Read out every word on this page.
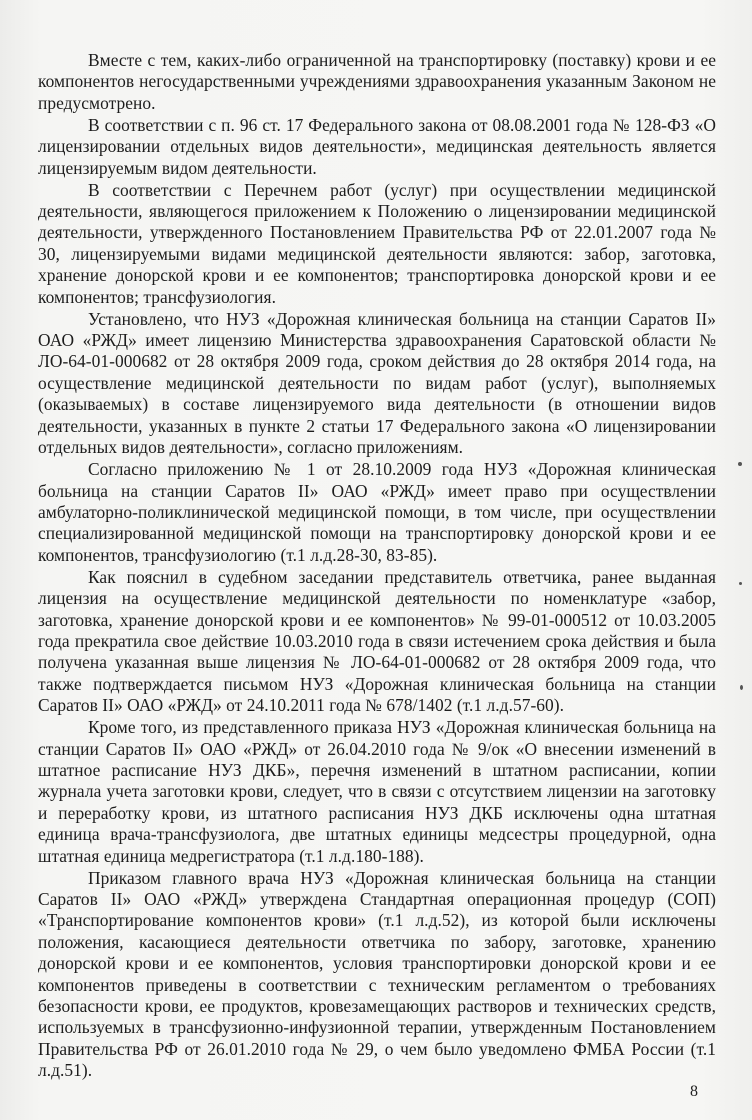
Вместе с тем, каких-либо ограниченной на транспортировку (поставку) крови и ее компонентов негосударственными учреждениями здравоохранения указанным Законом не предусмотрено.

В соответствии с п. 96 ст. 17 Федерального закона от 08.08.2001 года № 128-ФЗ «О лицензировании отдельных видов деятельности», медицинская деятельность является лицензируемым видом деятельности.

В соответствии с Перечнем работ (услуг) при осуществлении медицинской деятельности, являющегося приложением к Положению о лицензировании медицинской деятельности, утвержденного Постановлением Правительства РФ от 22.01.2007 года № 30, лицензируемыми видами медицинской деятельности являются: забор, заготовка, хранение донорской крови и ее компонентов; транспортировка донорской крови и ее компонентов; трансфузиология.

Установлено, что НУЗ «Дорожная клиническая больница на станции Саратов II» ОАО «РЖД» имеет лицензию Министерства здравоохранения Саратовской области № ЛО-64-01-000682 от 28 октября 2009 года, сроком действия до 28 октября 2014 года, на осуществление медицинской деятельности по видам работ (услуг), выполняемых (оказываемых) в составе лицензируемого вида деятельности (в отношении видов деятельности, указанных в пункте 2 статьи 17 Федерального закона «О лицензировании отдельных видов деятельности», согласно приложениям.

Согласно приложению № 1 от 28.10.2009 года НУЗ «Дорожная клиническая больница на станции Саратов II» ОАО «РЖД» имеет право при осуществлении амбулаторно-поликлинической медицинской помощи, в том числе, при осуществлении специализированной медицинской помощи на транспортировку донорской крови и ее компонентов, трансфузиологию (т.1 л.д.28-30, 83-85).

Как пояснил в судебном заседании представитель ответчика, ранее выданная лицензия на осуществление медицинской деятельности по номенклатуре «забор, заготовка, хранение донорской крови и ее компонентов» № 99-01-000512 от 10.03.2005 года прекратила свое действие 10.03.2010 года в связи истечением срока действия и была получена указанная выше лицензия № ЛО-64-01-000682 от 28 октября 2009 года, что также подтверждается письмом НУЗ «Дорожная клиническая больница на станции Саратов II» ОАО «РЖД» от 24.10.2011 года № 678/1402 (т.1 л.д.57-60).

Кроме того, из представленного приказа НУЗ «Дорожная клиническая больница на станции Саратов II» ОАО «РЖД» от 26.04.2010 года № 9/ок «О внесении изменений в штатное расписание НУЗ ДКБ», перечня изменений в штатном расписании, копии журнала учета заготовки крови, следует, что в связи с отсутствием лицензии на заготовку и переработку крови, из штатного расписания НУЗ ДКБ исключены одна штатная единица врача-трансфузиолога, две штатных единицы медсестры процедурной, одна штатная единица медрегистратора (т.1 л.д.180-188).

Приказом главного врача НУЗ «Дорожная клиническая больница на станции Саратов II» ОАО «РЖД» утверждена Стандартная операционная процедур (СОП) «Транспортирование компонентов крови» (т.1 л.д.52), из которой были исключены положения, касающиеся деятельности ответчика по забору, заготовке, хранению донорской крови и ее компонентов, условия транспортировки донорской крови и ее компонентов приведены в соответствии с техническим регламентом о требованиях безопасности крови, ее продуктов, кровезамещающих растворов и технических средств, используемых в трансфузионно-инфузионной терапии, утвержденным Постановлением Правительства РФ от 26.01.2010 года № 29, о чем было уведомлено ФМБА России (т.1 л.д.51).

8
